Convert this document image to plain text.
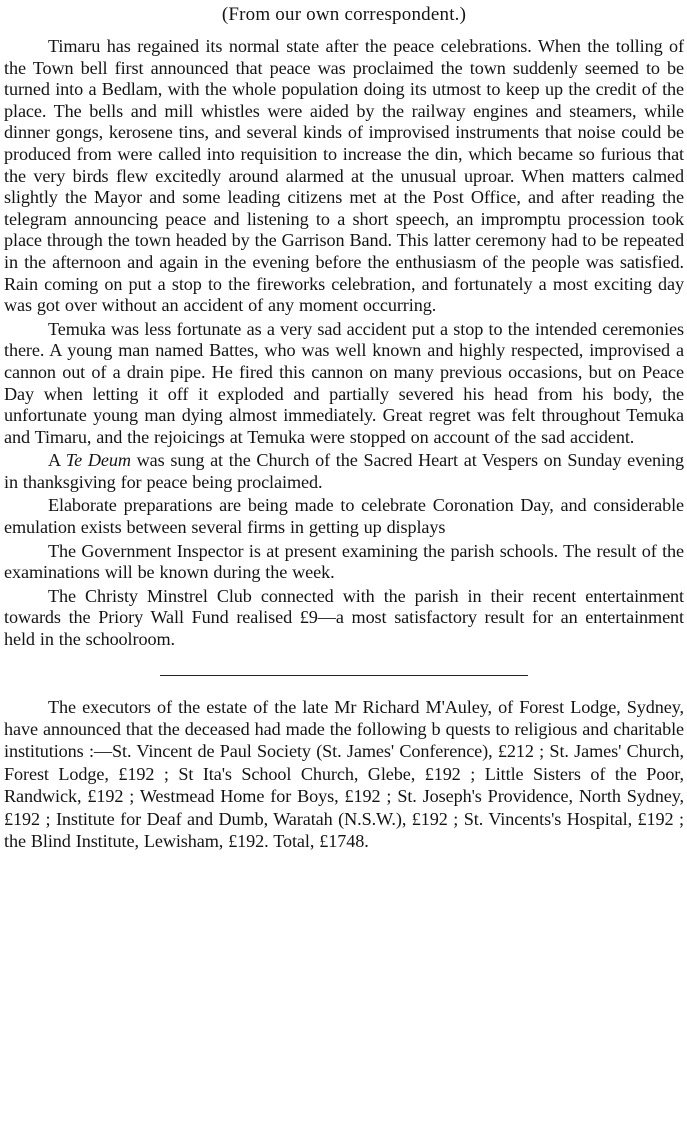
(From our own correspondent.)

Timaru has regained its normal state after the peace celebrations. When the tolling of the Town bell first announced that peace was proclaimed the town suddenly seemed to be turned into a Bedlam, with the whole population doing its utmost to keep up the credit of the place. The bells and mill whistles were aided by the railway engines and steamers, while dinner gongs, kerosene tins, and several kinds of improvised instruments that noise could be produced from were called into requisition to increase the din, which became so furious that the very birds flew excitedly around alarmed at the unusual uproar. When matters calmed slightly the Mayor and some leading citizens met at the Post Office, and after reading the telegram announcing peace and listening to a short speech, an impromptu procession took place through the town headed by the Garrison Band. This latter ceremony had to be repeated in the afternoon and again in the evening before the enthusiasm of the people was satisfied. Rain coming on put a stop to the fireworks celebration, and fortunately a most exciting day was got over without an accident of any moment occurring.

Temuka was less fortunate as a very sad accident put a stop to the intended ceremonies there. A young man named Battes, who was well known and highly respected, improvised a cannon out of a drain pipe. He fired this cannon on many previous occasions, but on Peace Day when letting it off it exploded and partially severed his head from his body, the unfortunate young man dying almost immediately. Great regret was felt throughout Temuka and Timaru, and the rejoicings at Temuka were stopped on account of the sad accident.

A Te Deum was sung at the Church of the Sacred Heart at Vespers on Sunday evening in thanksgiving for peace being proclaimed.

Elaborate preparations are being made to celebrate Coronation Day, and considerable emulation exists between several firms in getting up displays

The Government Inspector is at present examining the parish schools. The result of the examinations will be known during the week.

The Christy Minstrel Club connected with the parish in their recent entertainment towards the Priory Wall Fund realised £9—a most satisfactory result for an entertainment held in the schoolroom.

The executors of the estate of the late Mr Richard M'Auley, of Forest Lodge, Sydney, have announced that the deceased had made the following b quests to religious and charitable institutions :—St. Vincent de Paul Society (St. James' Conference), £212 ; St. James' Church, Forest Lodge, £192 ; St Ita's School Church, Glebe, £192 ; Little Sisters of the Poor, Randwick, £192 ; Westmead Home for Boys, £192 ; St. Joseph's Providence, North Sydney, £192 ; Institute for Deaf and Dumb, Waratah (N.S.W.), £192 ; St. Vincents's Hospital, £192 ; the Blind Institute, Lewisham, £192. Total, £1748.
